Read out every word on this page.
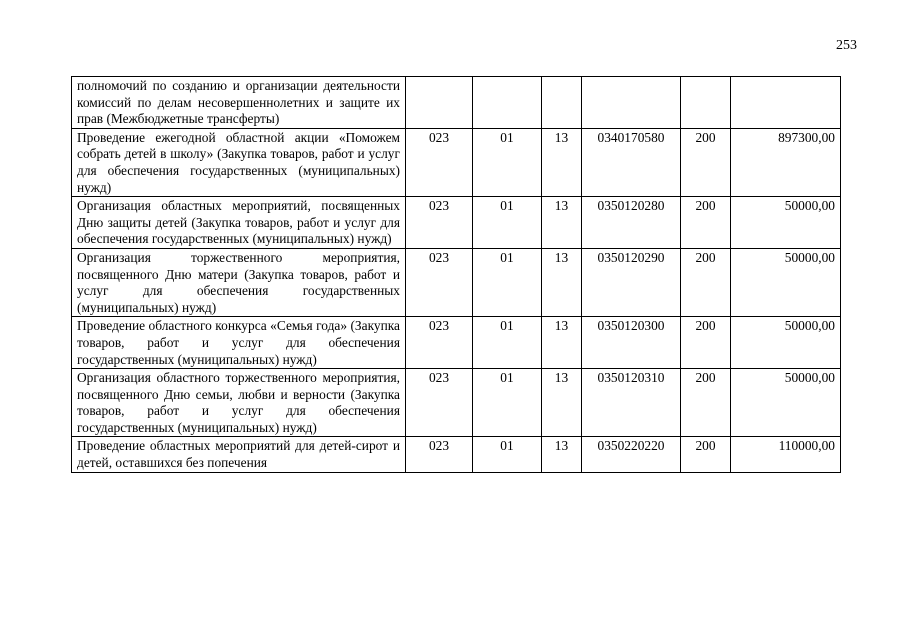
253
полномочий по созданию и организации деятельности комиссий по делам несовершеннолетних и защите их прав (Межбюджетные трансферты)						
Проведение ежегодной областной акции «Поможем собрать детей в школу» (Закупка товаров, работ и услуг для обеспечения государственных (муниципальных) нужд)	023	01	13	0340170580	200	897300,00
Организация областных мероприятий, посвященных Дню защиты детей (Закупка товаров, работ и услуг для обеспечения государственных (муниципальных) нужд)	023	01	13	0350120280	200	50000,00
Организация торжественного мероприятия, посвященного Дню матери (Закупка товаров, работ и услуг для обеспечения государственных (муниципальных) нужд)	023	01	13	0350120290	200	50000,00
Проведение областного конкурса «Семья года» (Закупка товаров, работ и услуг для обеспечения государственных (муниципальных) нужд)	023	01	13	0350120300	200	50000,00
Организация областного торжественного мероприятия, посвященного Дню семьи, любви и верности (Закупка товаров, работ и услуг для обеспечения государственных (муниципальных) нужд)	023	01	13	0350120310	200	50000,00
Проведение областных мероприятий для детей-сирот и детей, оставшихся без попечения	023	01	13	0350220220	200	110000,00
